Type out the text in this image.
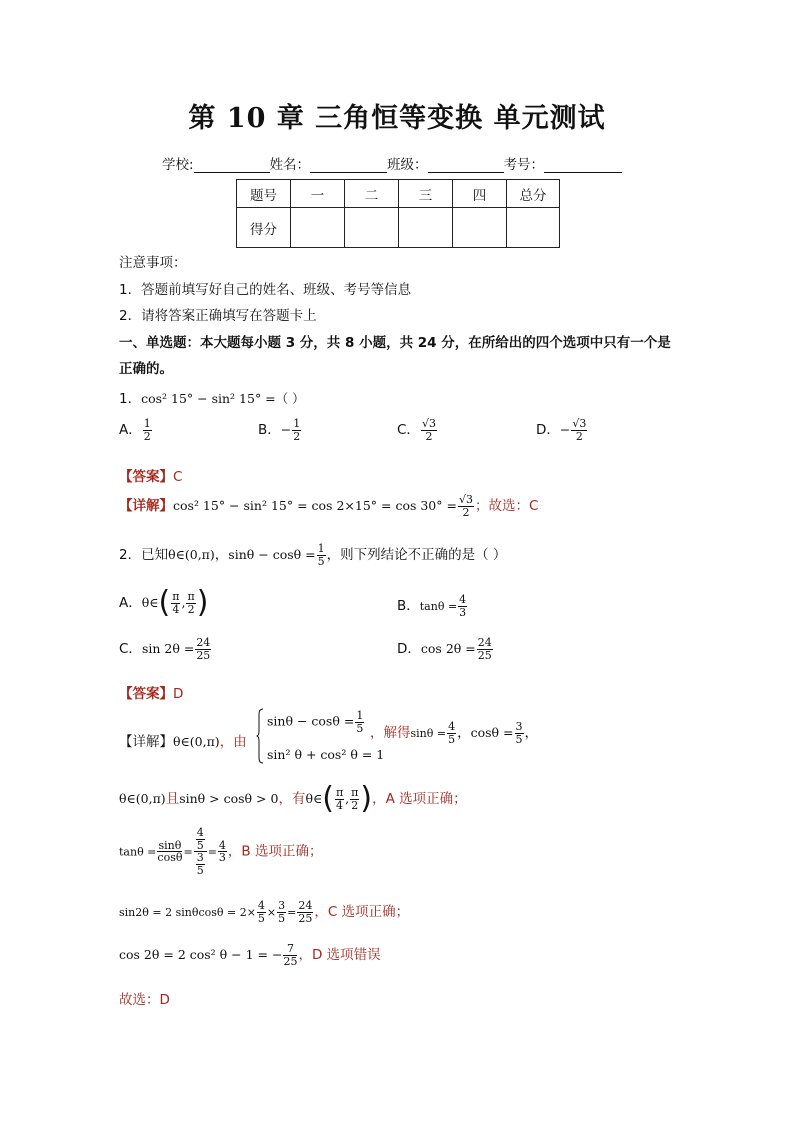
第 10 章 三角恒等变换 单元测试
学校:	姓名：	班级：	考号：
题号	一	二	三	四	总分
得分					
注意事项：
1．答题前填写好自己的姓名、班级、考号等信息
2．请将答案正确填写在答题卡上
一、单选题：本大题每小题 3 分，共 8 小题，共 24 分，在所给出的四个选项中只有一个是
正确的。
1．cos² 15° − sin² 15° =（ ）
A． $\frac{1}{2}$	B．− $\frac{1}{2}$	C． $\frac{√3}{2}$	D．− $\frac{√3}{2}$
【答案】C
【详解】cos² 15° − sin² $15^\circ = \cos 2\times 15^\circ = \cos 30^\circ = \frac{√3}{2}$ ；故选：C
2．已知θ∈(0,π)，$\sin\theta - \cos\theta = \frac{1}{5}$ ，则下列结论不正确的是（ ）
A．θ∈( $\frac{\pi}{4}$ , $\frac{\pi}{2}$ )	B．$\tan\theta = \frac{4}{3}$
C．$\sin 2\theta = \frac{24}{25}$	D．$\cos 2\theta = \frac{24}{25}$
【答案】D
【详解】 θ∈(0,π)，由
$\sin\theta - \cos\theta = \frac{1}{5}$
sin² θ + cos² θ = 1
，解得$\sin\theta = \frac{4}{5}$ ，$\cos\theta = \frac{3}{5}$ ，
θ∈(0,π)且sinθ > cosθ > 0，有θ∈( $\frac{\pi}{4}$ , $\frac{\pi}{2}$ )，A 选项正确；
$\tan\theta = \frac{\sin\theta}{\cos\theta} = \frac{\frac{4}{5}}{\frac{3}{5}} = \frac{4}{3}$ ，B 选项正确；
sin2θ = 2 $\sin\theta\cos\theta = 2\times \frac{4}{5} \times \frac{3}{5} = \frac{24}{25}$ ，C 选项正确；
cos 2θ = 2 cos² θ − 1 = − $\frac{7}{25}$ ，D 选项错误
故选：D
